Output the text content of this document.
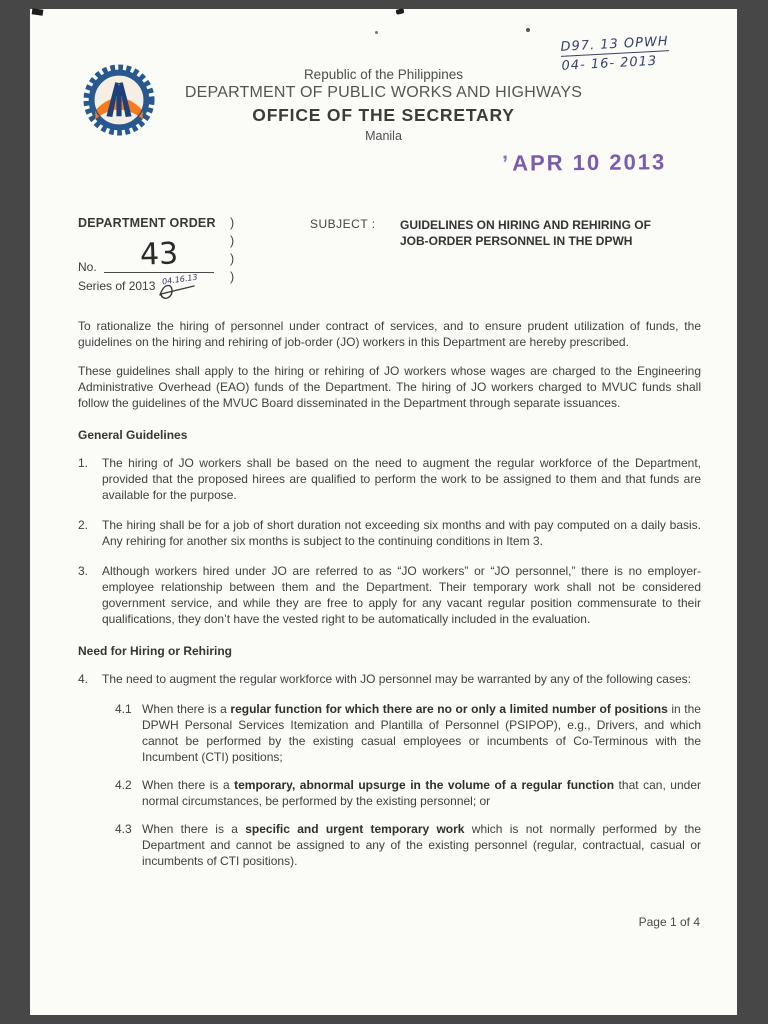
D97. 13 OPWH
04- 16- 2013
Republic of the Philippines
DEPARTMENT OF PUBLIC WORKS AND HIGHWAYS
OFFICE OF THE SECRETARY
Manila
’ APR 10 2013
DEPARTMENT ORDER
No.	43
Series of 2013 04.16.13
)
)
)
)
SUBJECT : GUIDELINES ON HIRING AND REHIRING OF
JOB-ORDER PERSONNEL IN THE DPWH
To rationalize the hiring of personnel under contract of services, and to ensure prudent utilization of funds, the guidelines on the hiring and rehiring of job-order (JO) workers in this Department are hereby prescribed.
These guidelines shall apply to the hiring or rehiring of JO workers whose wages are charged to the Engineering Administrative Overhead (EAO) funds of the Department. The hiring of JO workers charged to MVUC funds shall follow the guidelines of the MVUC Board disseminated in the Department through separate issuances.
General Guidelines
1.	The hiring of JO workers shall be based on the need to augment the regular workforce of the Department, provided that the proposed hirees are qualified to perform the work to be assigned to them and that funds are available for the purpose.
2.	The hiring shall be for a job of short duration not exceeding six months and with pay computed on a daily basis. Any rehiring for another six months is subject to the continuing conditions in Item 3.
3.	Although workers hired under JO are referred to as “JO workers” or “JO personnel,” there is no employer-employee relationship between them and the Department. Their temporary work shall not be considered government service, and while they are free to apply for any vacant regular position commensurate to their qualifications, they don’t have the vested right to be automatically included in the evaluation.
Need for Hiring or Rehiring
4.	The need to augment the regular workforce with JO personnel may be warranted by any of the following cases:
4.1 When there is a regular function for which there are no or only a limited number of positions in the DPWH Personal Services Itemization and Plantilla of Personnel (PSIPOP), e.g., Drivers, and which cannot be performed by the existing casual employees or incumbents of Co-Terminous with the Incumbent (CTI) positions;
4.2 When there is a temporary, abnormal upsurge in the volume of a regular function that can, under normal circumstances, be performed by the existing personnel; or
4.3 When there is a specific and urgent temporary work which is not normally performed by the Department and cannot be assigned to any of the existing personnel (regular, contractual, casual or incumbents of CTI positions).
Page 1 of 4
